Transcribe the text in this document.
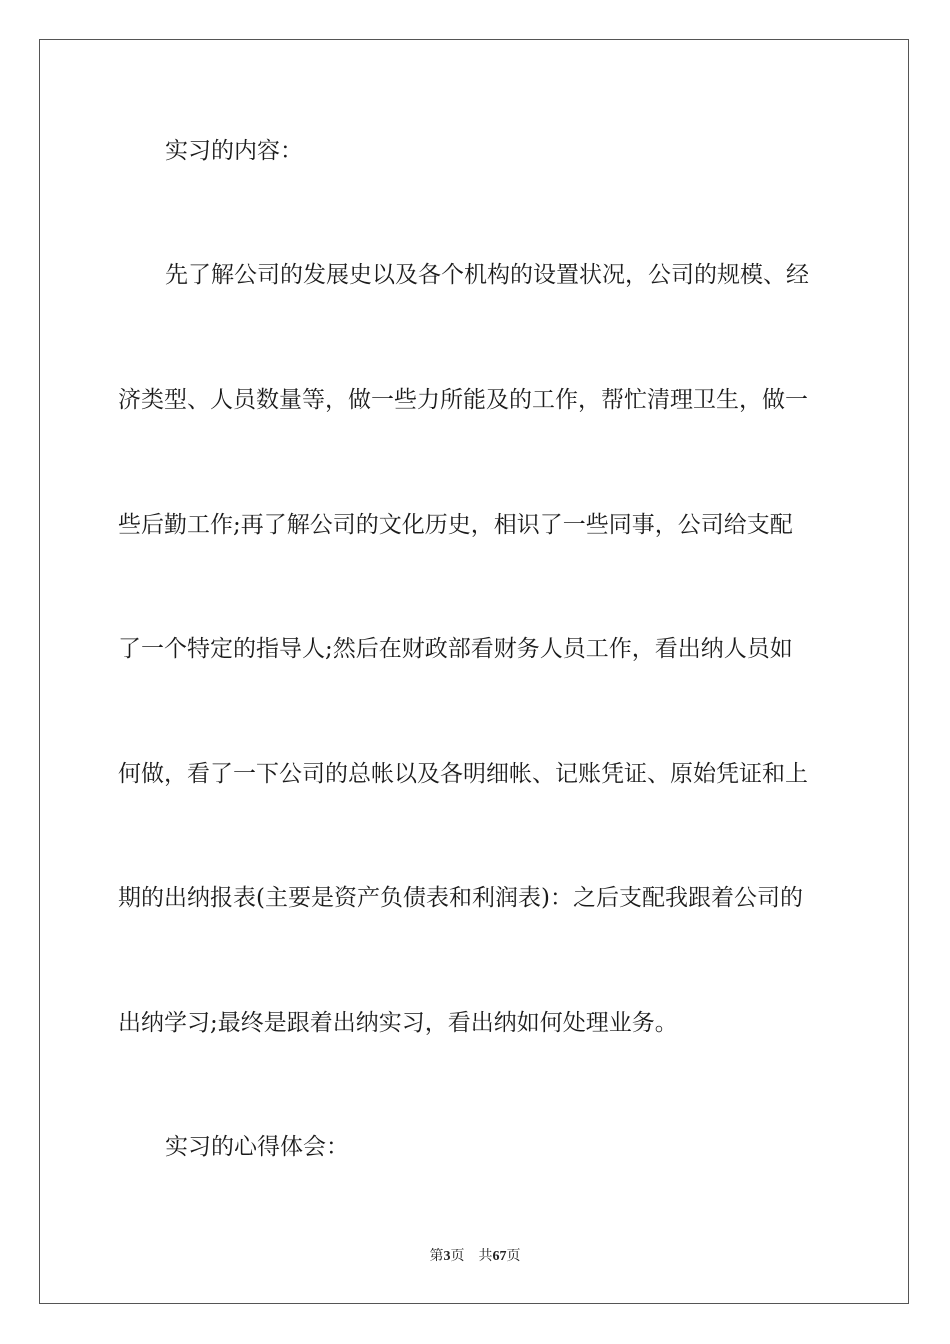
实习的内容：
先了解公司的发展史以及各个机构的设置状况，公司的规模、经
济类型、人员数量等，做一些力所能及的工作，帮忙清理卫生，做一
些后勤工作;再了解公司的文化历史，相识了一些同事，公司给支配
了一个特定的指导人;然后在财政部看财务人员工作，看出纳人员如
何做，看了一下公司的总帐以及各明细帐、记账凭证、原始凭证和上
期的出纳报表(主要是资产负债表和利润表)：之后支配我跟着公司的
出纳学习;最终是跟着出纳实习，看出纳如何处理业务。
实习的心得体会：
第3页 共67页
